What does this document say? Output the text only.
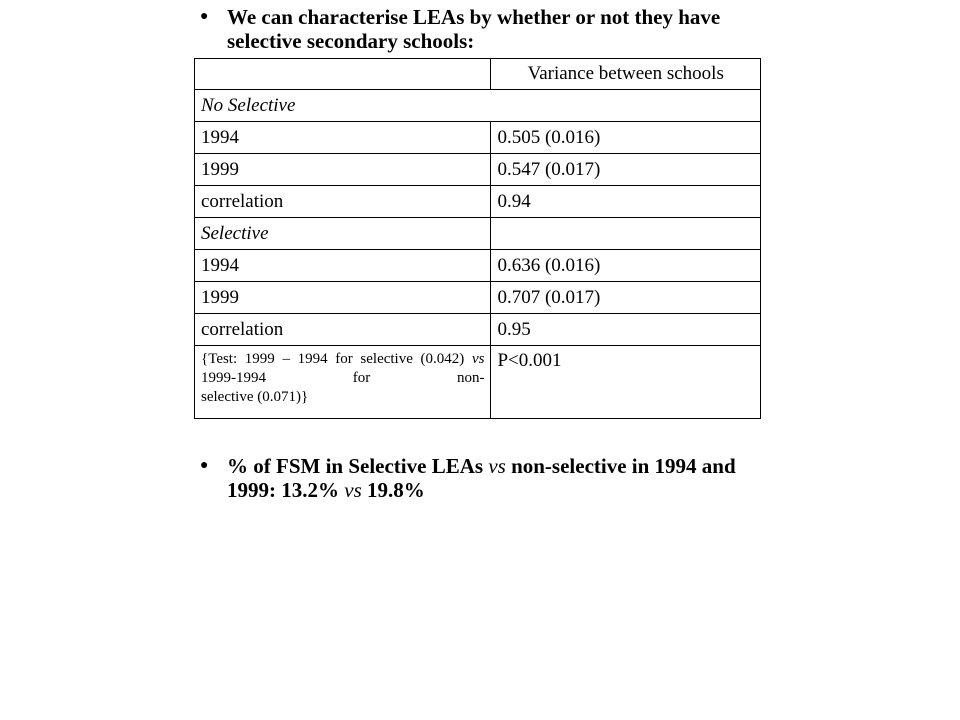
● We can characterise LEAs by whether or not they have selective secondary schools:
	Variance between schools
No Selective	
1994	0.505 (0.016)
1999	0.547 (0.017)
correlation	0.94
Selective	
1994	0.636 (0.016)
1999	0.707 (0.017)
correlation	0.95

{Test: 1999 – 1994 for selective (0.042) vs 1999-1994 for non-
selective (0.071)}	P<0.001
● % of FSM in Selective LEAs vs non-selective in 1994 and 1999: 13.2% vs 19.8%
